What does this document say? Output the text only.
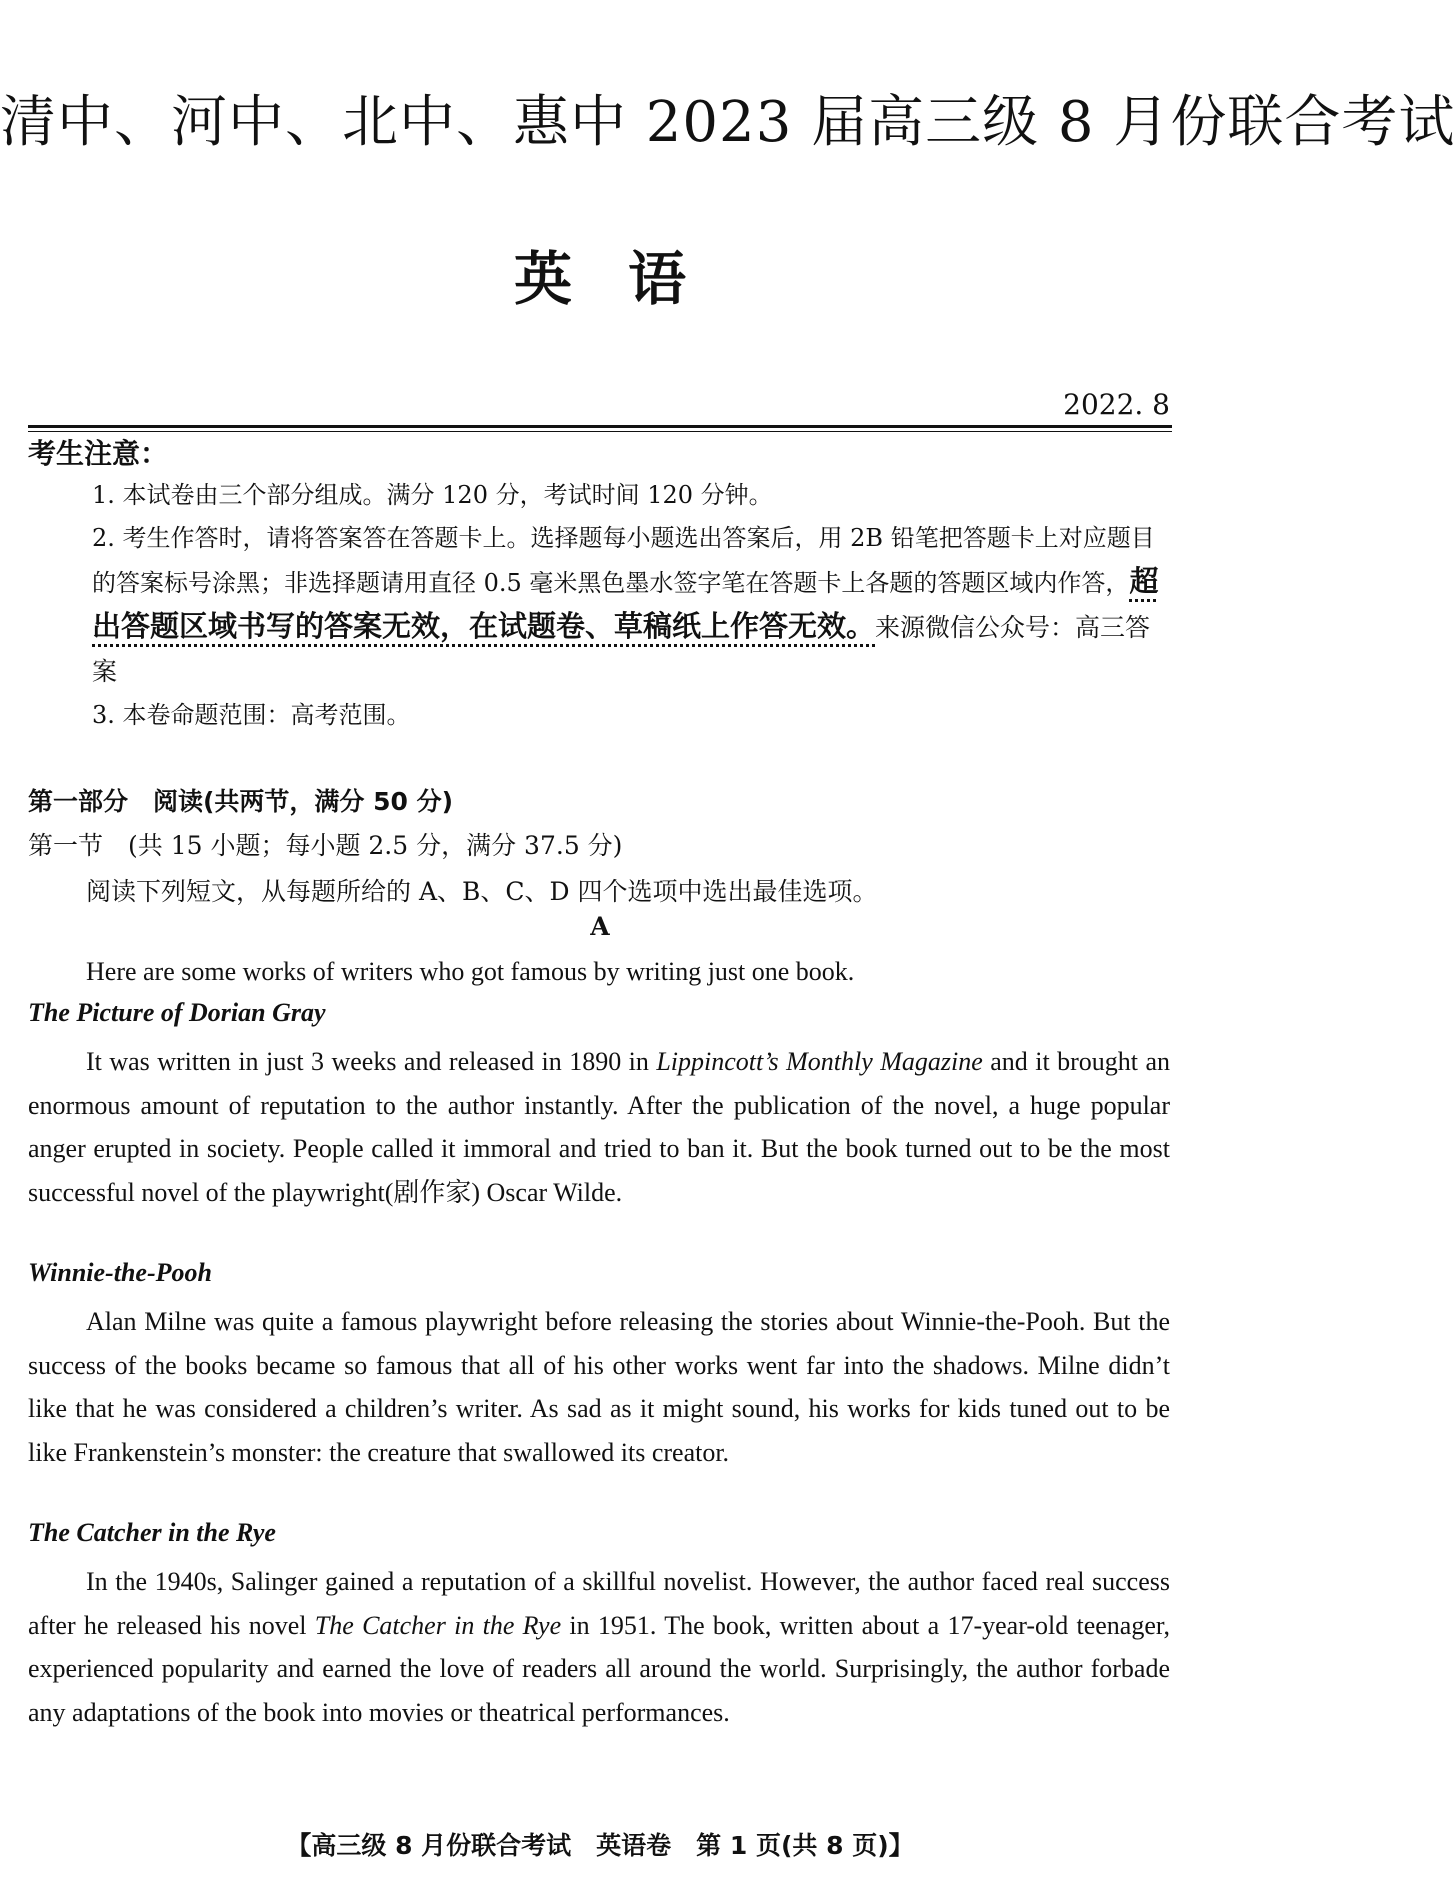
清中、河中、北中、惠中 2023 届高三级 8 月份联合考试
英 语
2022. 8
考生注意：

1. 本试卷由三个部分组成。满分 120 分，考试时间 120 分钟。

2. 考生作答时，请将答案答在答题卡上。选择题每小题选出答案后，用 2B 铅笔把答题卡上对应题目的答案标号涂黑；非选择题请用直径 0.5 毫米黑色墨水签字笔在答题卡上各题的答题区域内作答，超出答题区域书写的答案无效，在试题卷、草稿纸上作答无效。来源微信公众号：高三答案

3. 本卷命题范围：高考范围。

第一部分　阅读(共两节，满分 50 分)
第一节　(共 15 小题；每小题 2.5 分，满分 37.5 分)
阅读下列短文，从每题所给的 A、B、C、D 四个选项中选出最佳选项。
A

Here are some works of writers who got famous by writing just one book.

The Picture of Dorian Gray

It was written in just 3 weeks and released in 1890 in Lippincott’s Monthly Magazine and it brought an enormous amount of reputation to the author instantly. After the publication of the novel, a huge popular anger erupted in society. People called it immoral and tried to ban it. But the book turned out to be the most successful novel of the playwright(剧作家) Oscar Wilde.

Winnie-the-Pooh

Alan Milne was quite a famous playwright before releasing the stories about Winnie-the-Pooh. But the success of the books became so famous that all of his other works went far into the shadows. Milne didn’t like that he was considered a children’s writer. As sad as it might sound, his works for kids tuned out to be like Frankenstein’s monster: the creature that swallowed its creator.

The Catcher in the Rye

In the 1940s, Salinger gained a reputation of a skillful novelist. However, the author faced real success after he released his novel The Catcher in the Rye in 1951. The book, written about a 17-year-old teenager, experienced popularity and earned the love of readers all around the world. Surprisingly, the author forbade any adaptations of the book into movies or theatrical performances.

【高三级 8 月份联合考试　英语卷　第 1 页(共 8 页)】
